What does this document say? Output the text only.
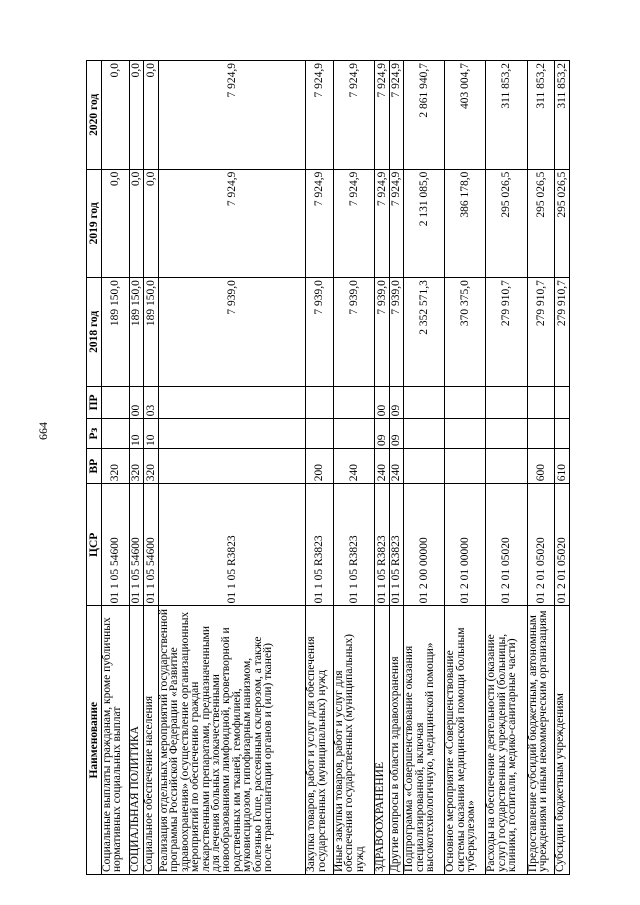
664
Наименование	ЦСР	ВР	Рз	ПР	2018 год	2019 год	2020 год
Социальные выплаты гражданам, кроме публичных нормативных социальных выплат	01 1 05 54600	320			189 150,0	0,0	0,0
СОЦИАЛЬНАЯ ПОЛИТИКА	01 1 05 54600	320	10	00	189 150,0	0,0	0,0
Социальное обеспечение населения	01 1 05 54600	320	10	03	189 150,0	0,0	0,0
Реализация отдельных мероприятий государственной программы Российской Федерации «Развитие здравоохранения» (осуществление организационных мероприятий по обеспечению граждан лекарственными препаратами, предназначенными для лечения больных злокачественными новообразованиями лимфоидной, кроветворной и родственных им тканей, гемофилией, муковисцидозом, гипофизарным нанизмом, болезнью Гоше, рассеянным склерозом, а также после трансплантации органов и (или) тканей)	01 1 05 R3823				7 939,0	7 924,9	7 924,9
Закупка товаров, работ и услуг для обеспечения государственных (муниципальных) нужд	01 1 05 R3823	200			7 939,0	7 924,9	7 924,9
Иные закупки товаров, работ и услуг для обеспечения государственных (муниципальных) нужд	01 1 05 R3823	240			7 939,0	7 924,9	7 924,9
ЗДРАВООХРАНЕНИЕ	01 1 05 R3823	240	09	00	7 939,0	7 924,9	7 924,9
Другие вопросы в области здравоохранения	01 1 05 R3823	240	09	09	7 939,0	7 924,9	7 924,9
Подпрограмма «Совершенствование оказания специализированной, включая высокотехнологичную, медицинской помощи»	01 2 00 00000				2 352 571,3	2 131 085,0	2 861 940,7
Основное мероприятие «Совершенствование системы оказания медицинской помощи больным туберкулезом»	01 2 01 00000				370 375,0	386 178,0	403 004,7
Расходы на обеспечение деятельности (оказание услуг) государственных учреждений (больницы, клиники, госпитали, медико-санитарные части)	01 2 01 05020				279 910,7	295 026,5	311 853,2
Предоставление субсидий бюджетным, автономным учреждениям и иным некоммерческим организациям	01 2 01 05020	600			279 910,7	295 026,5	311 853,2
Субсидии бюджетным учреждениям	01 2 01 05020	610			279 910,7	295 026,5	311 853,2
